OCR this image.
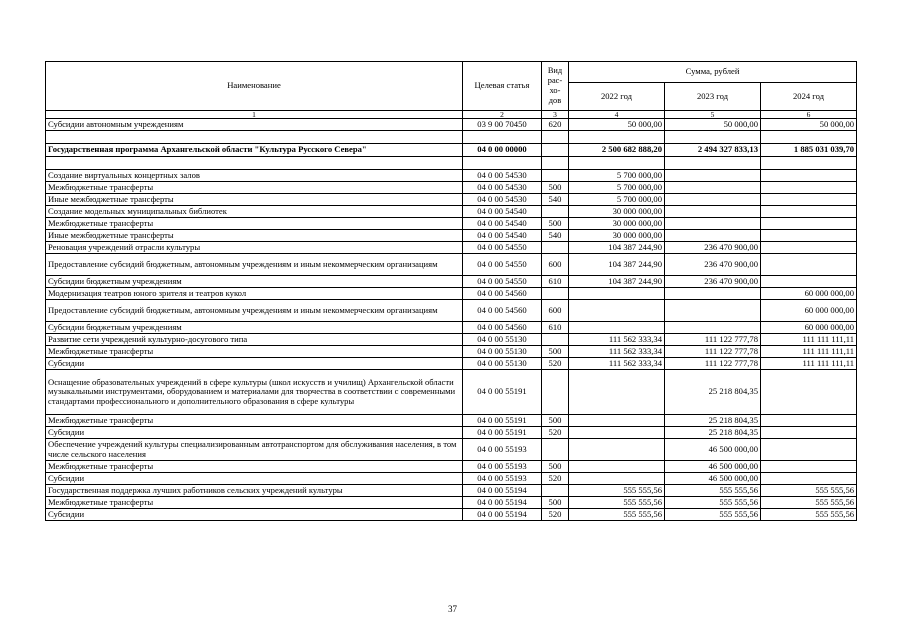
Наименование	Целевая статья	Вид
рас-
хо-
дов	Сумма, рублей		
			2022 год	2023 год	2024 год
1	2	3	4	5	6
Субсидии автономным учреждениям	03 9 00 70450	620	50 000,00	50 000,00	50 000,00

Государственная программа Архангельской области "Культура Русского Севера"	04 0 00 00000		2 500 682 888,20	2 494 327 833,13	1 885 031 039,70

Создание виртуальных концертных залов	04 0 00 54530		5 700 000,00		
Межбюджетные трансферты	04 0 00 54530	500	5 700 000,00		
Иные межбюджетные трансферты	04 0 00 54530	540	5 700 000,00		
Создание модельных муниципальных библиотек	04 0 00 54540		30 000 000,00		
Межбюджетные трансферты	04 0 00 54540	500	30 000 000,00		
Иные межбюджетные трансферты	04 0 00 54540	540	30 000 000,00		
Реновация учреждений отрасли культуры	04 0 00 54550		104 387 244,90	236 470 900,00	
Предоставление субсидий бюджетным, автономным учреждениям и иным некоммерческим организациям	04 0 00 54550	600	104 387 244,90	236 470 900,00	
Субсидии бюджетным учреждениям	04 0 00 54550	610	104 387 244,90	236 470 900,00	
Модернизация театров юного зрителя и театров кукол	04 0 00 54560				60 000 000,00
Предоставление субсидий бюджетным, автономным учреждениям и иным некоммерческим организациям	04 0 00 54560	600			60 000 000,00
Субсидии бюджетным учреждениям	04 0 00 54560	610			60 000 000,00
Развитие сети учреждений культурно-досугового типа	04 0 00 55130		111 562 333,34	111 122 777,78	111 111 111,11
Межбюджетные трансферты	04 0 00 55130	500	111 562 333,34	111 122 777,78	111 111 111,11
Субсидии	04 0 00 55130	520	111 562 333,34	111 122 777,78	111 111 111,11
Оснащение образовательных учреждений в сфере культуры (школ искусств и училищ) Архангельской области музыкальными инструментами, оборудованием и материалами для творчества в соответствии с современными стандартами профессионального и дополнительного образования в сфере культуры	04 0 00 55191			25 218 804,35	
Межбюджетные трансферты	04 0 00 55191	500		25 218 804,35	
Субсидии	04 0 00 55191	520		25 218 804,35	
Обеспечение учреждений культуры специализированным автотранспортом для обслуживания населения, в том числе сельского населения	04 0 00 55193			46 500 000,00	
Межбюджетные трансферты	04 0 00 55193	500		46 500 000,00	
Субсидии	04 0 00 55193	520		46 500 000,00	
Государственная поддержка лучших работников сельских учреждений культуры	04 0 00 55194		555 555,56	555 555,56	555 555,56
Межбюджетные трансферты	04 0 00 55194	500	555 555,56	555 555,56	555 555,56
Субсидии	04 0 00 55194	520	555 555,56	555 555,56	555 555,56
37
